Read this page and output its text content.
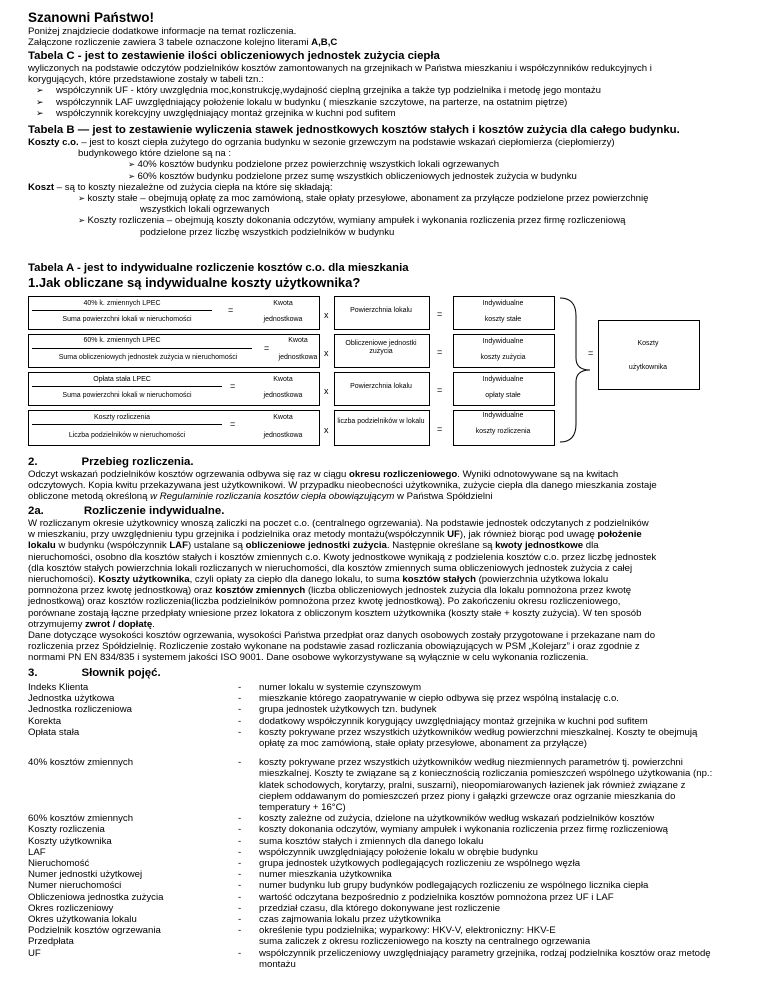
Szanowni Państwo!

Poniżej znajdziecie dodatkowe informacje na temat rozliczenia.

Załączone rozliczenie zawiera 3 tabele oznaczone kolejno literami A,B,C

Tabela C - jest to zestawienie ilości obliczeniowych jednostek zużycia ciepła

wyliczonych na podstawie odczytów podzielników kosztów zamontowanych na grzejnikach w Państwa mieszkaniu i współczynników redukcyjnych i

korygujących, które przedstawione zostały w tabeli tzn.:

➢ współczynnik UF - który uwzględnia moc,konstrukcję,wydajność cieplną grzejnika a także typ podzielnika i metodę jego montażu
➢ współczynnik LAF uwzględniający położenie lokalu w budynku ( mieszkanie szczytowe, na parterze, na ostatnim piętrze)
➢ współczynnik korekcyjny uwzględniający montaż grzejnika w kuchni pod sufitem

Tabela B — jest to zestawienie wyliczenia stawek jednostkowych kosztów stałych i kosztów zużycia dla całego budynku.

Koszty c.o. – jest to koszt ciepła zużytego do ogrzania budynku w sezonie grzewczym na podstawie wskazań ciepłomierza (ciepłomierzy)

budynkowego które dzielone są na :
➢ 40% kosztów budynku podzielone przez powierzchnię wszystkich lokali ogrzewanych
➢ 60% kosztów budynku podzielone przez sumę wszystkich obliczeniowych jednostek zużycia w budynku

Koszt – są to koszty niezależne od zużycia ciepła na które się składają:

➢ koszty stałe – obejmują opłatę za moc zamówioną, stałe opłaty przesyłowe, abonament za przyłącze podzielone przez powierzchnię
wszystkich lokali ogrzewanych
➢ Koszty rozliczenia – obejmują koszty dokonania odczytów, wymiany ampułek i wykonania rozliczenia przez firmę rozliczeniową
podzielone przez liczbę wszystkich podzielników w budynku

Tabela A - jest to indywidualne rozliczenie kosztów c.o. dla mieszkania

1.Jak obliczane są indywidualne koszty użytkownika?

40% k. zmiennych LPEC
=
Suma powierzchni lokali w nieruchomości
Kwota
jednostkowa	x	Powierzchnia lokalu	=
Indywidualne
koszty stałe
60% k. zmiennych LPEC
=
Suma obliczeniowych jednostek zużycia w nieruchomości
Kwota
jednostkowa x
Obliczeniowe jednostki zużycia	=
Indywidualne
koszty zużycia
Opłata stała LPEC
=
Suma powierzchni lokali w nieruchomości
Kwota
jednostkowa	x	Powierzchnia lokalu	=
Indywidualne
opłaty stałe
Koszty rozliczenia
=
Liczba podzielników w nieruchomości
Kwota
jednostkowa
x
liczba podzielników w lokalu
=
Indywidualne
koszty rozliczenia
=
Koszty
użytkownika

2.	Przebieg rozliczenia.

Odczyt wskazań podzielników kosztów ogrzewania odbywa się raz w ciągu okresu rozliczeniowego. Wyniki odnotowywane są na kwitach

odczytowych. Kopia kwitu przekazywana jest użytkownikowi. W przypadku nieobecności użytkownika, zużycie ciepła dla danego mieszkania zostaje

obliczone metodą określoną w Regulaminie rozliczania kosztów ciepła obowiązującym w Państwa Spółdzielni

2a.	Rozliczenie indywidualne.

W rozliczanym okresie użytkownicy wnoszą zaliczki na poczet c.o. (centralnego ogrzewania). Na podstawie jednostek odczytanych z podzielników

w mieszkaniu, przy uwzględnieniu typu grzejnika i podzielnika oraz metody montażu(współczynnik UF), jak również biorąc pod uwagę położenie

lokalu w budynku (współczynnik LAF) ustalane są obliczeniowe jednostki zużycia. Następnie określane są kwoty jednostkowe dla

nieruchomości, osobno dla kosztów stałych i kosztów zmiennych c.o. Kwoty jednostkowe wynikają z podzielenia kosztów c.o. przez liczbę jednostek

(dla kosztów stałych powierzchnia lokali rozliczanych w nieruchomości, dla kosztów zmiennych suma obliczeniowych jednostek zużycia z całej

nieruchomości). Koszty użytkownika, czyli opłaty za ciepło dla danego lokalu, to suma kosztów stałych (powierzchnia użytkowa lokalu

pomnożona przez kwotę jednostkową) oraz kosztów zmiennych (liczba obliczeniowych jednostek zużycia dla lokalu pomnożona przez kwotę

jednostkową) oraz kosztów rozliczenia(liczba podzielników pomnożona przez kwotę jednostkową). Po zakończeniu okresu rozliczeniowego,

porównane zostają łączne przedpłaty wniesione przez lokatora z obliczonym kosztem użytkownika (koszty stałe + koszty zużycia). W ten sposób

otrzymujemy zwrot / dopłatę.

Dane dotyczące wysokości kosztów ogrzewania, wysokości Państwa przedpłat oraz danych osobowych zostały przygotowane i przekazane nam do

rozliczenia przez Spółdzielnię. Rozliczenie zostało wykonane na podstawie zasad rozliczania obowiązujących w PSM „Kolejarz” i oraz zgodnie z

normami PN EN 834/835 i systemem jakości ISO 9001. Dane osobowe wykorzystywane są wyłącznie w celu wykonania rozliczenia.

3.	Słownik pojęć.

Indeks Klienta	- numer lokalu w systemie czynszowym
Jednostka użytkowa	- mieszkanie którego zaopatrywanie w ciepło odbywa się przez wspólną instalację c.o.
Jednostka rozliczeniowa	- grupa jednostek użytkowych tzn. budynek
Korekta	- dodatkowy współczynnik korygujący uwzględniający montaż grzejnika w kuchni pod sufitem
Opłata stała	- koszty pokrywane przez wszystkich użytkowników według powierzchni mieszkalnej. Koszty te obejmują
opłatę za moc zamówioną, stałe opłaty przesyłowe, abonament za przyłącze)
40% kosztów zmiennych	- koszty pokrywane przez wszystkich użytkowników według niezmiennych parametrów tj. powierzchni
mieszkalnej. Koszty te związane są z koniecznością rozliczania pomieszczeń wspólnego użytkowania (np.:
klatek schodowych, korytarzy, pralni, suszarni), nieopomiarowanych łazienek jak również związane z
ciepłem oddawanym do pomieszczeń przez piony i gałązki grzewcze oraz ogrzanie mieszkania do
temperatury + 16°C)
60% kosztów zmiennych	- koszty zależne od zużycia, dzielone na użytkowników według wskazań podzielników kosztów
Koszty rozliczenia	- koszty dokonania odczytów, wymiany ampułek i wykonania rozliczenia przez firmę rozliczeniową
Koszty użytkownika	- suma kosztów stałych i zmiennych dla danego lokalu
LAF	- współczynnik uwzględniający położenie lokalu w obrębie budynku
Nieruchomość	- grupa jednostek użytkowych podlegających rozliczeniu ze wspólnego węzła
Numer jednostki użytkowej	- numer mieszkania użytkownika
Numer nieruchomości	- numer budynku lub grupy budynków podlegających rozliczeniu ze wspólnego licznika ciepła
Obliczeniowa jednostka zużycia	- wartość odczytana bezpośrednio z podzielnika kosztów pomnożona przez UF i LAF
Okres rozliczeniowy	- przedział czasu, dla którego dokonywane jest rozliczenie
Okres użytkowania lokalu	- czas zajmowania lokalu przez użytkownika
Podzielnik kosztów ogrzewania	- określenie typu podzielnika; wyparkowy: HKV-V, elektroniczny: HKV-E
Przedpłata	suma zaliczek z okresu rozliczeniowego na koszty na centralnego ogrzewania
UF	- współczynnik przeliczeniowy uwzględniający parametry grzejnika, rodzaj podzielnika kosztów oraz metodę
montażu
